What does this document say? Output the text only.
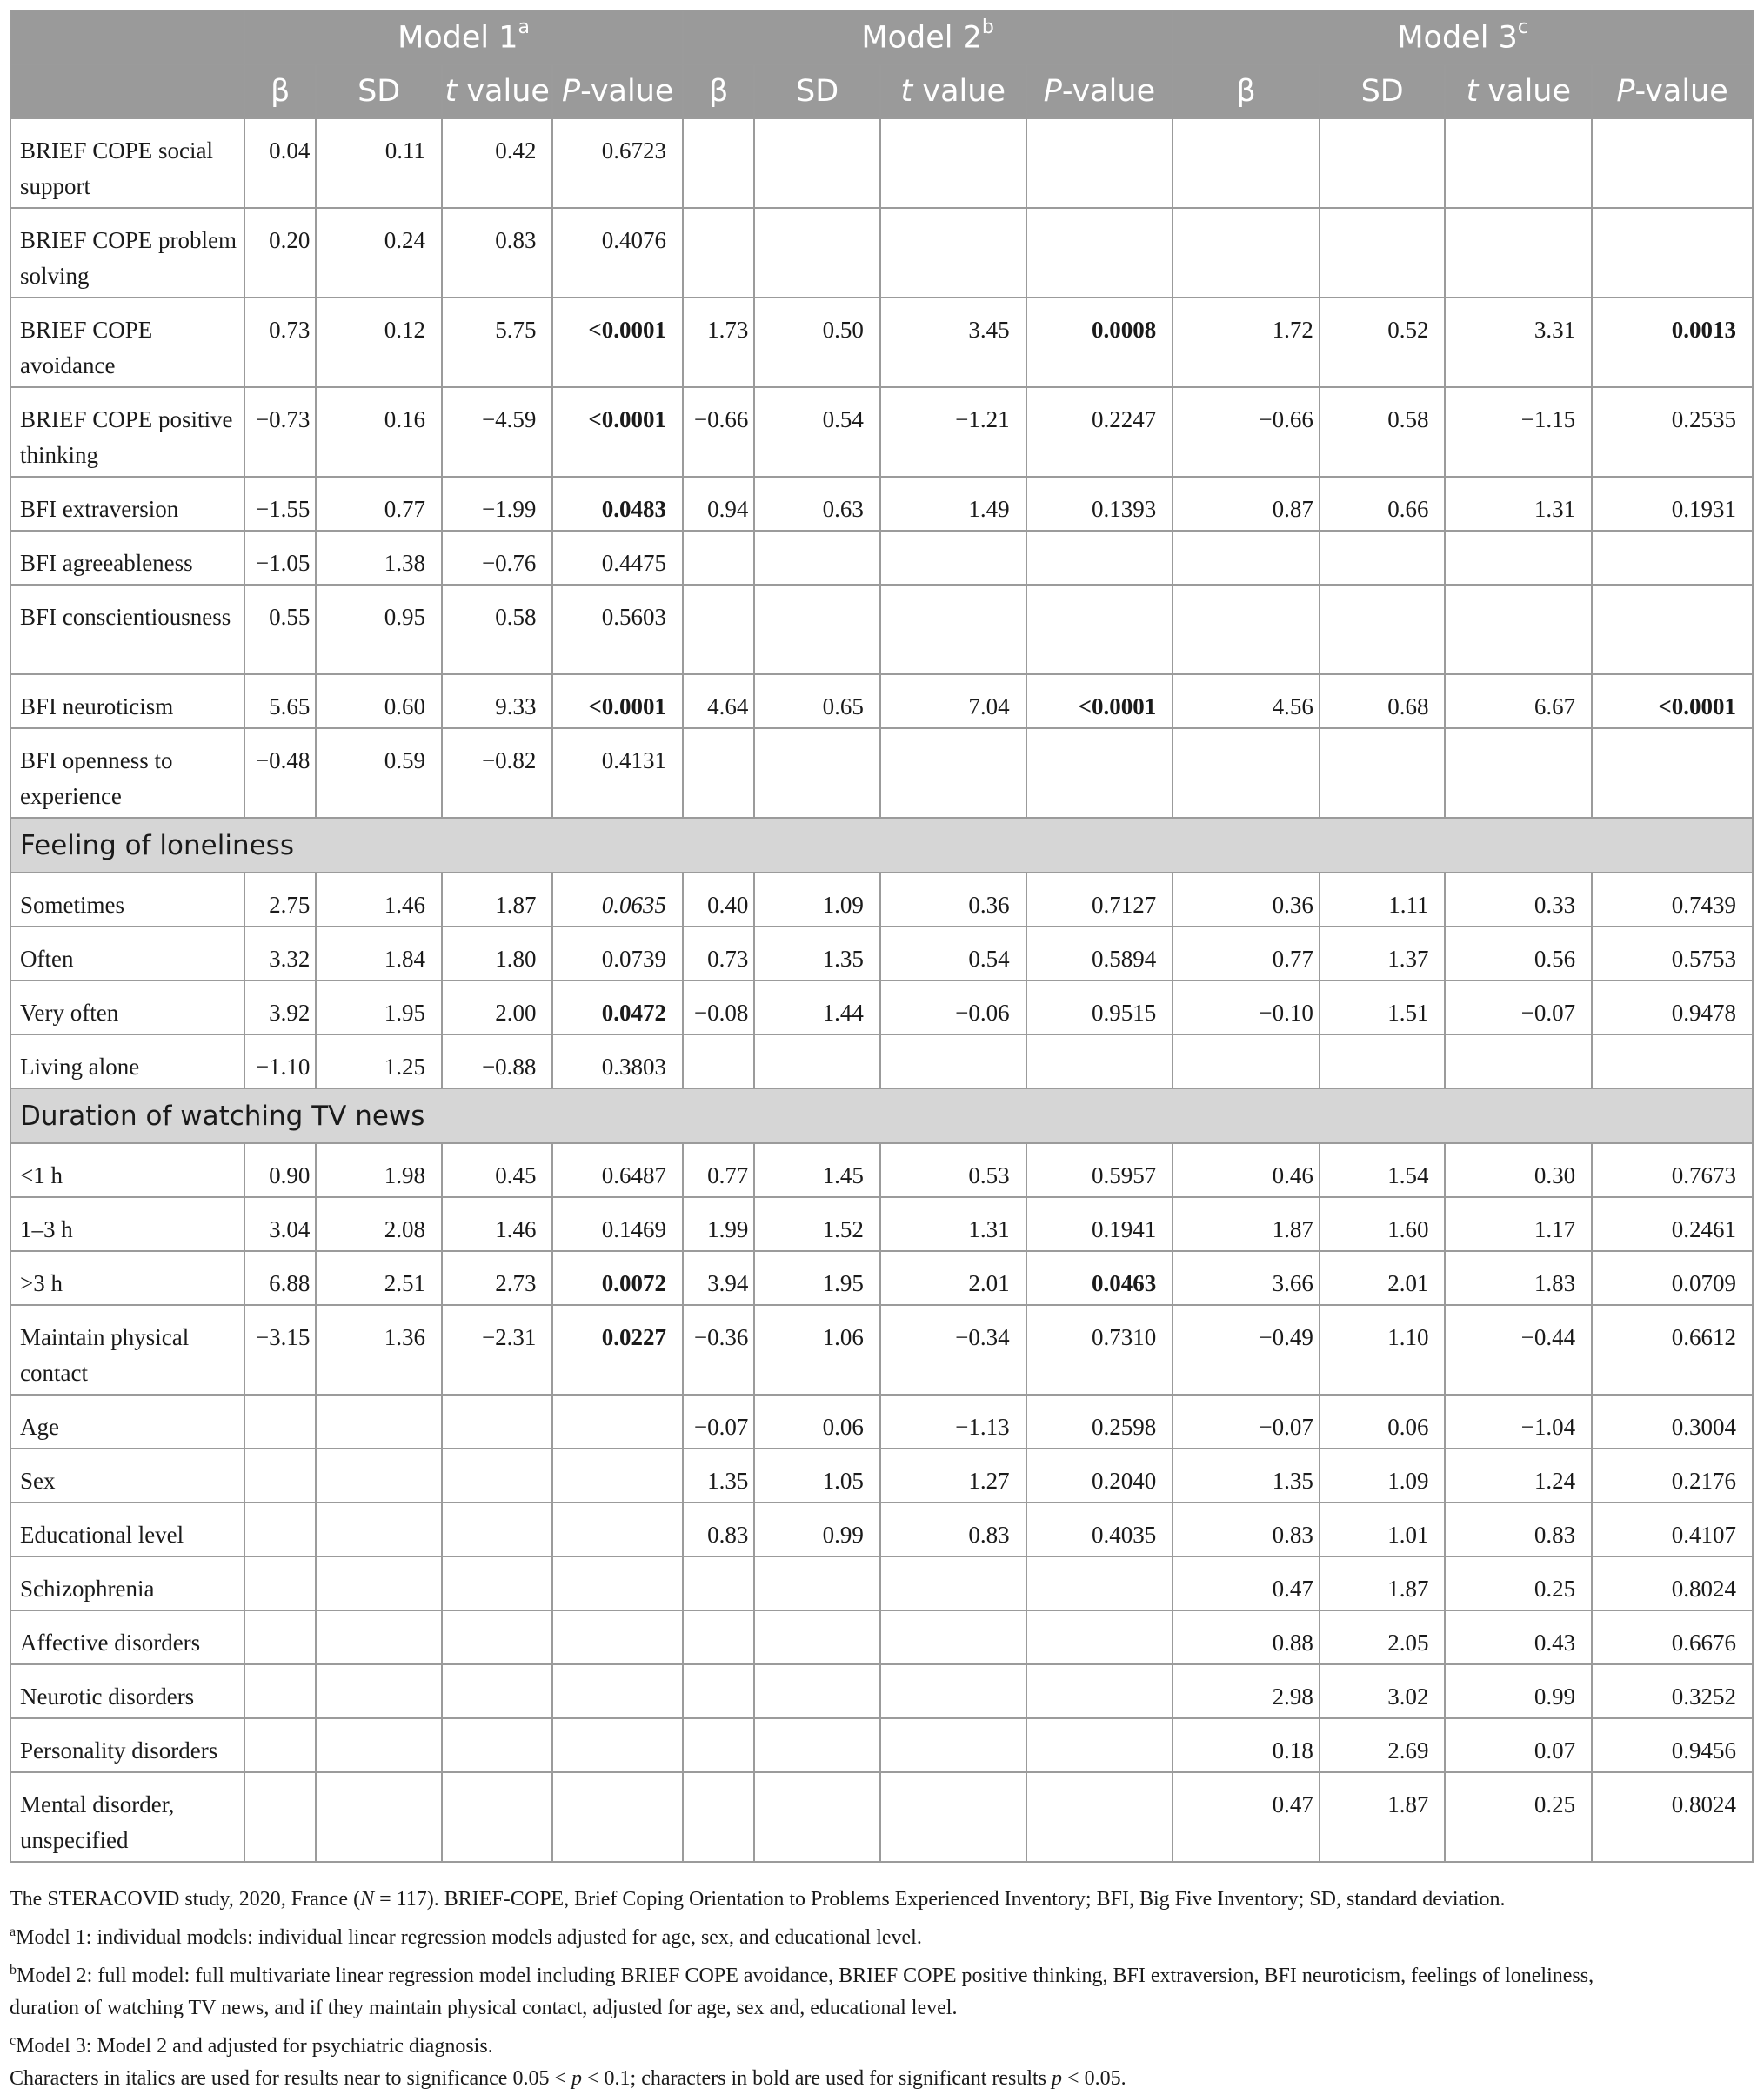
	Model 1$^a$				Model 2$^b$				Model 3$^c$
	β	SD	t value	P-value	β	SD	t value	P-value	β	SD	t value	P-value
BRIEF COPE social support	0.04	0.11	0.42	0.6723								
BRIEF COPE problem solving	0.20	0.24	0.83	0.4076								
BRIEF COPE avoidance	0.73	0.12	5.75	<0.0001	1.73	0.50	3.45	0.0008	1.72	0.52	3.31	0.0013
BRIEF COPE positive thinking	−0.73	0.16	−4.59	<0.0001	−0.66	0.54	−1.21	0.2247	−0.66	0.58	−1.15	0.2535
BFI extraversion	−1.55	0.77	−1.99	0.0483	0.94	0.63	1.49	0.1393	0.87	0.66	1.31	0.1931
BFI agreeableness	−1.05	1.38	−0.76	0.4475								
BFI conscientiousness	0.55	0.95	0.58	0.5603								
BFI neuroticism	5.65	0.60	9.33	<0.0001	4.64	0.65	7.04	<0.0001	4.56	0.68	6.67	<0.0001
BFI openness to experience	−0.48	0.59	−0.82	0.4131								
Feeling of loneliness												
Sometimes	2.75	1.46	1.87	0.0635	0.40	1.09	0.36	0.7127	0.36	1.11	0.33	0.7439
Often	3.32	1.84	1.80	0.0739	0.73	1.35	0.54	0.5894	0.77	1.37	0.56	0.5753
Very often	3.92	1.95	2.00	0.0472	−0.08	1.44	−0.06	0.9515	−0.10	1.51	−0.07	0.9478
Living alone	−1.10	1.25	−0.88	0.3803								
Duration of watching TV news												
<1 h	0.90	1.98	0.45	0.6487	0.77	1.45	0.53	0.5957	0.46	1.54	0.30	0.7673
1–3 h	3.04	2.08	1.46	0.1469	1.99	1.52	1.31	0.1941	1.87	1.60	1.17	0.2461
>3 h	6.88	2.51	2.73	0.0072	3.94	1.95	2.01	0.0463	3.66	2.01	1.83	0.0709
Maintain physical contact	−3.15	1.36	−2.31	0.0227	−0.36	1.06	−0.34	0.7310	−0.49	1.10	−0.44	0.6612
Age					−0.07	0.06	−1.13	0.2598	−0.07	0.06	−1.04	0.3004
Sex					1.35	1.05	1.27	0.2040	1.35	1.09	1.24	0.2176
Educational level					0.83	0.99	0.83	0.4035	0.83	1.01	0.83	0.4107
Schizophrenia									0.47	1.87	0.25	0.8024
Affective disorders									0.88	2.05	0.43	0.6676
Neurotic disorders									2.98	3.02	0.99	0.3252
Personality disorders									0.18	2.69	0.07	0.9456
Mental disorder, unspecified									0.47	1.87	0.25	0.8024

The STERACOVID study, 2020, France (N = 117). BRIEF-COPE, Brief Coping Orientation to Problems Experienced Inventory; BFI, Big Five Inventory; SD, standard deviation.

$^a$Model 1: individual models: individual linear regression models adjusted for age, sex, and educational level.

$^b$Model 2: full model: full multivariate linear regression model including BRIEF COPE avoidance, BRIEF COPE positive thinking, BFI extraversion, BFI neuroticism, feelings of loneliness,
duration of watching TV news, and if they maintain physical contact, adjusted for age, sex and, educational level.

$^c$Model 3: Model 2 and adjusted for psychiatric diagnosis.

Characters in italics are used for results near to significance 0.05 < p < 0.1; characters in bold are used for significant results p < 0.05.
